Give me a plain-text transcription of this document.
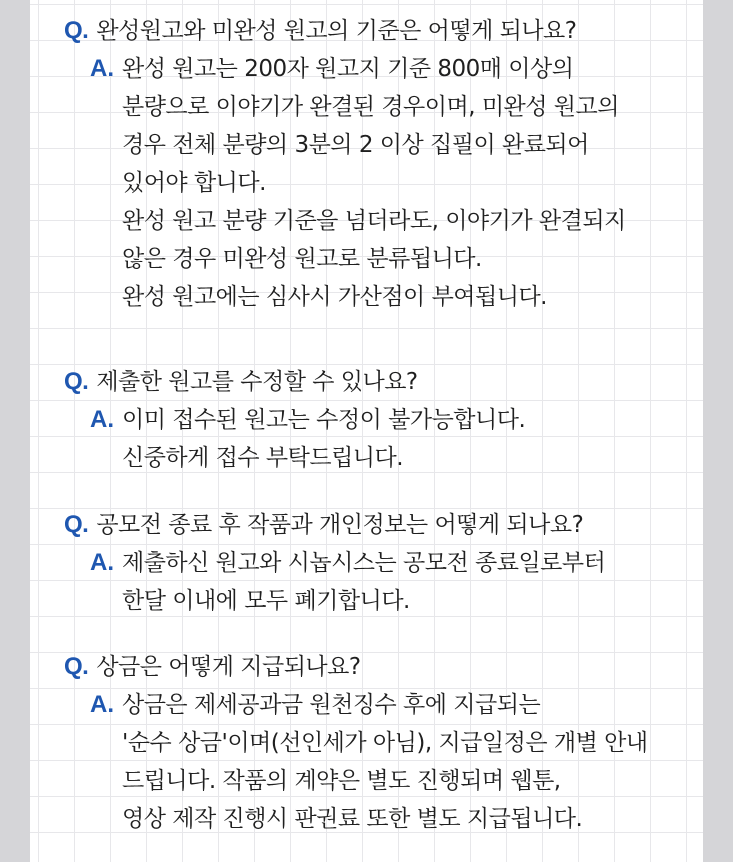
Q. 완성원고와 미완성 원고의 기준은 어떻게 되나요?
A. 완성 원고는 200자 원고지 기준 800매 이상의
분량으로 이야기가 완결된 경우이며, 미완성 원고의
경우 전체 분량의 3분의 2 이상 집필이 완료되어
있어야 합니다.
완성 원고 분량 기준을 넘더라도, 이야기가 완결되지
않은 경우 미완성 원고로 분류됩니다.
완성 원고에는 심사시 가산점이 부여됩니다.
Q. 제출한 원고를 수정할 수 있나요?
A. 이미 접수된 원고는 수정이 불가능합니다.
신중하게 접수 부탁드립니다.
Q. 공모전 종료 후 작품과 개인정보는 어떻게 되나요?
A. 제출하신 원고와 시놉시스는 공모전 종료일로부터
한달 이내에 모두 폐기합니다.
Q. 상금은 어떻게 지급되나요?
A. 상금은 제세공과금 원천징수 후에 지급되는
'순수 상금'이며(선인세가 아님), 지급일정은 개별 안내
드립니다. 작품의 계약은 별도 진행되며 웹툰,
영상 제작 진행시 판권료 또한 별도 지급됩니다.
